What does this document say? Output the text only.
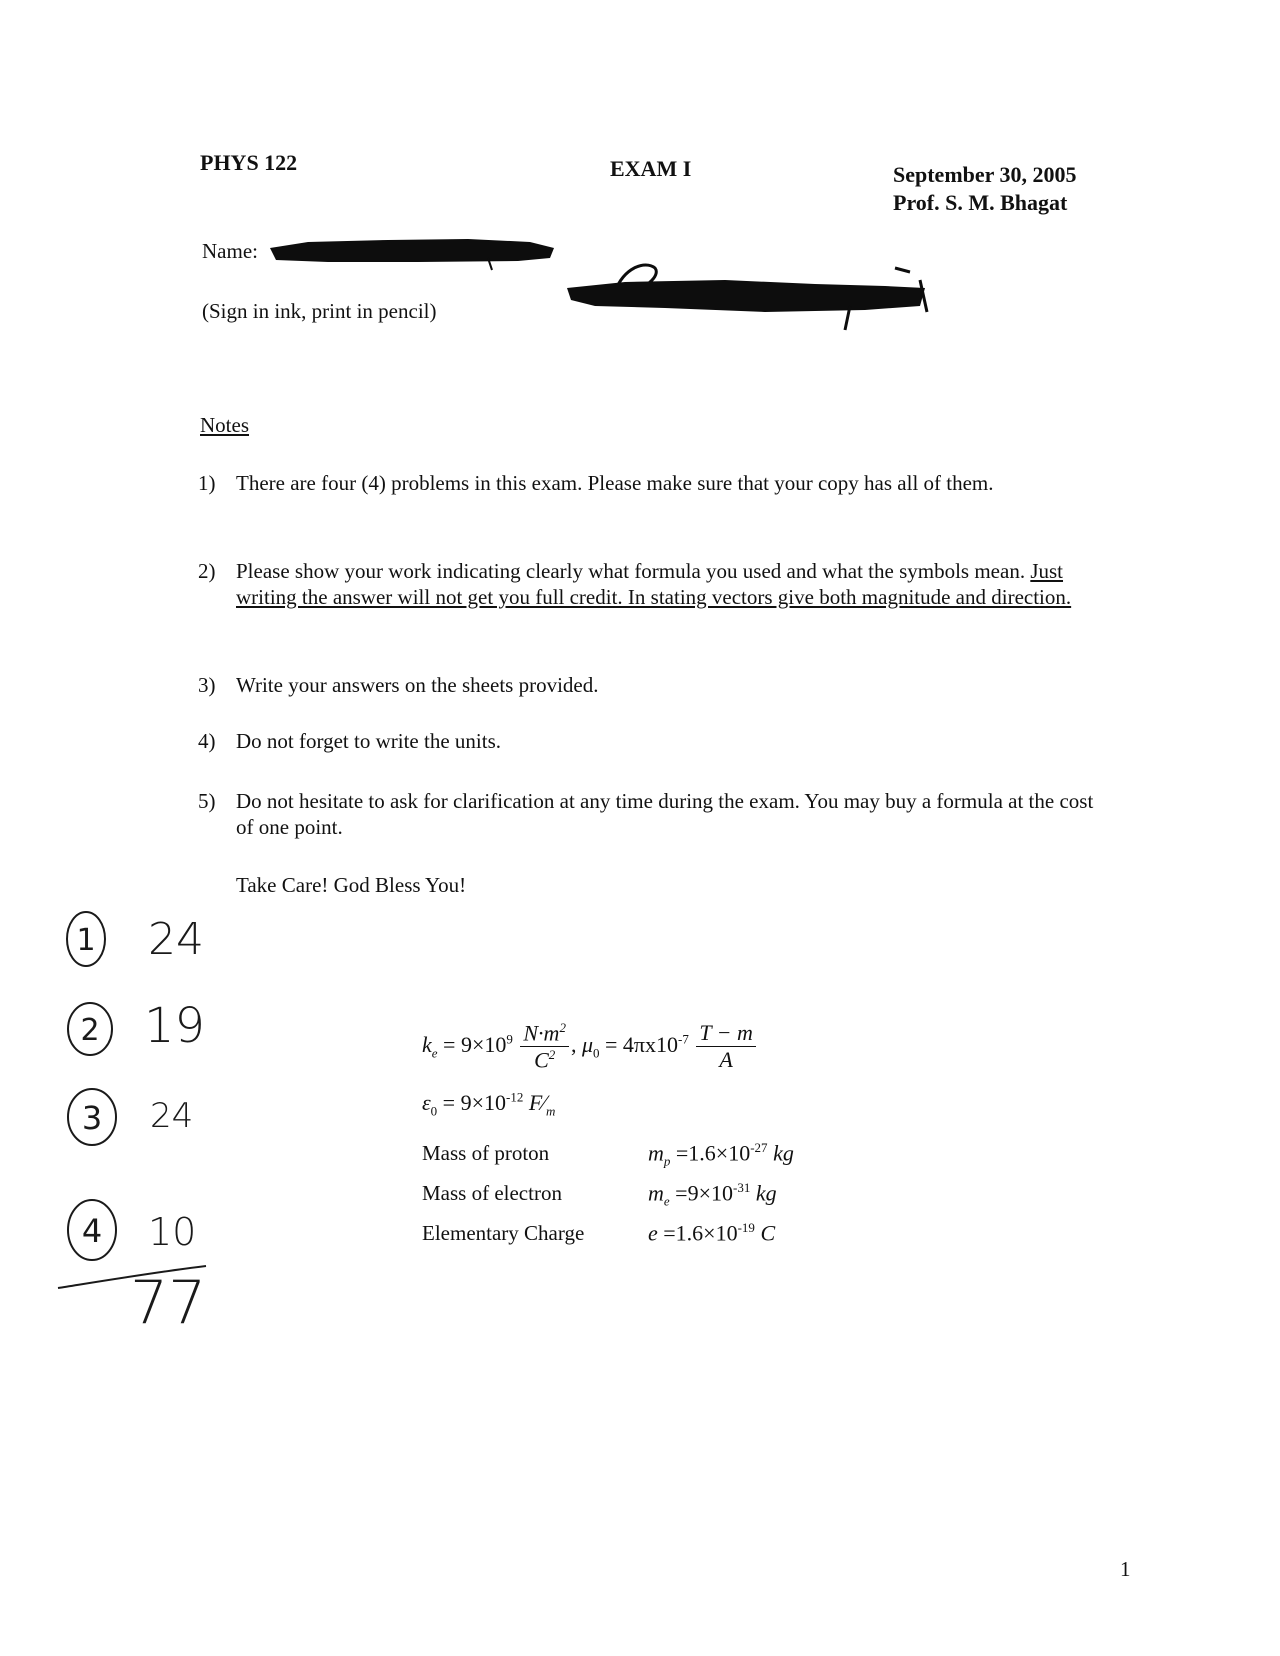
PHYS 122	EXAM I	September 30, 2005
Prof. S. M. Bhagat
Name:
(Sign in ink, print in pencil)
Notes
1) There are four (4) problems in this exam. Please make sure that your copy has all of them.
2) Please show your work indicating clearly what formula you used and what the symbols mean. Just writing the answer will not get you full credit. In stating vectors give both magnitude and direction.
3) Write your answers on the sheets provided.
4) Do not forget to write the units.
5) Do not hesitate to ask for clarification at any time during the exam. You may buy a formula at the cost of one point.
Take Care! God Bless You!
1 24
2 19
3 24
4 10
77
$k_e = 9\times 10^9 \frac{N\cdot m^2}{C^2}$ , $\mu_0 = 4\pi x10^{-7} \frac{T - m}{A}$
$\varepsilon_0 = 9\times 10^{-12}$ $F⁄_m$
Mass of proton	$m_p =1.6\times 10^{-27}$ kg
Mass of electron	$m_e =9\times 10^{-31}$ kg
Elementary Charge	$e =1.6\times 10^{-19}$ C
1
